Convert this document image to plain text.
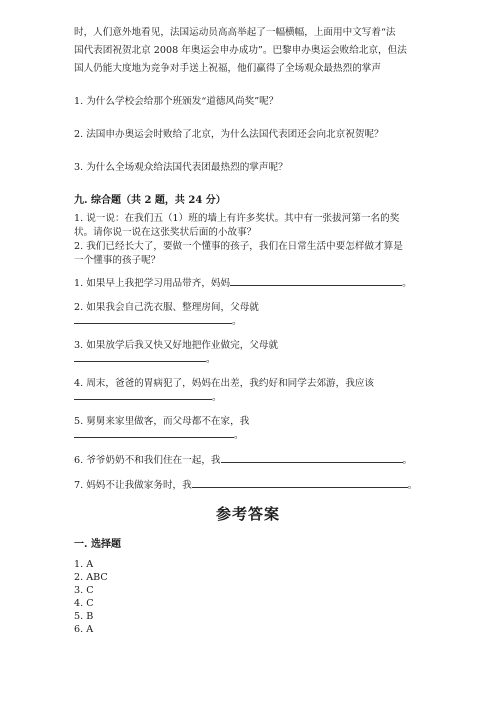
时，人们意外地看见，法国运动员高高举起了一幅横幅，上面用中文写着“法
国代表团祝贺北京 2008 年奥运会申办成功”。巴黎申办奥运会败给北京，但法
国人仍能大度地为竞争对手送上祝福，他们赢得了全场观众最热烈的掌声
1. 为什么学校会给那个班颁发“道德风尚奖”呢？
2. 法国申办奥运会时败给了北京，为什么法国代表团还会向北京祝贺呢？
3. 为什么全场观众给法国代表团最热烈的掌声呢？
九. 综合题（共 2 题，共 24 分）
1. 说一说：在我们五（1）班的墙上有许多奖状。其中有一张拔河第一名的奖
状。请你说一说在这张奖状后面的小故事？
2. 我们已经长大了，要做一个懂事的孩子，我们在日常生活中要怎样做才算是
一个懂事的孩子呢？
1. 如果早上我把学习用品带齐，妈妈	。
2. 如果我会自己洗衣服、整理房间，父母就
。
3. 如果放学后我又快又好地把作业做完，父母就
。
4. 周末，爸爸的胃病犯了，妈妈在出差，我约好和同学去郊游，我应该
。
5. 舅舅来家里做客，而父母都不在家，我
。
6. 爷爷奶奶不和我们住在一起，我	。
7. 妈妈不让我做家务时，我	。
参考答案
一. 选择题
1. A
2. ABC
3. C
4. C
5. B
6. A
